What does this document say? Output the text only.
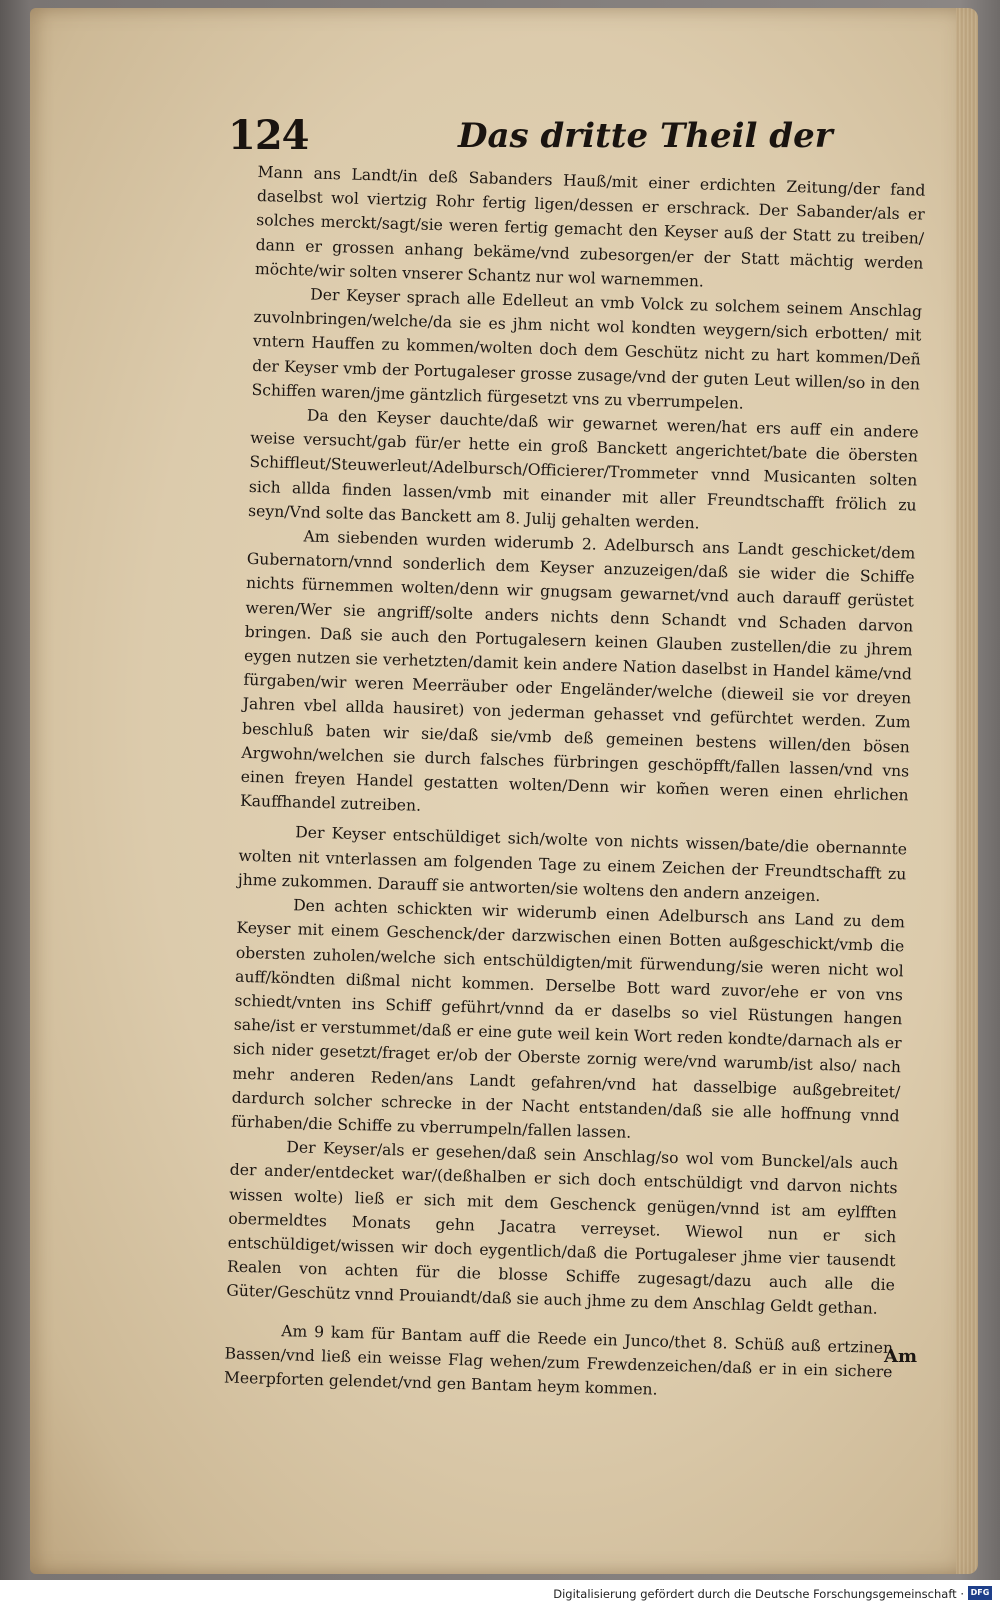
124	Das dritte Theil der

Mann ans Landt/in deß Sabanders Hauß/mit einer erdichten Zeitung/der fand daselbst wol viertzig Rohr fertig ligen/dessen er erschrack. Der Sabander/als er solches merckt/sagt/sie weren fertig gemacht den Keyser auß der Statt zu treiben/ dann er grossen anhang bekäme/vnd zubesorgen/er der Statt mächtig werden möchte/wir solten vnserer Schantz nur wol warnemmen.

Der Keyser sprach alle Edelleut an vmb Volck zu solchem seinem Anschlag zuvolnbringen/welche/da sie es jhm nicht wol kondten weygern/sich erbotten/ mit vntern Hauffen zu kommen/wolten doch dem Geschütz nicht zu hart kommen/Deñ der Keyser vmb der Portugaleser grosse zusage/vnd der guten Leut willen/so in den Schiffen waren/jme gäntzlich fürgesetzt vns zu vberrumpelen.

Da den Keyser dauchte/daß wir gewarnet weren/hat ers auff ein andere weise versucht/gab für/er hette ein groß Banckett angerichtet/bate die öbersten Schiffleut/Steuwerleut/Adelbursch/Officierer/Trommeter vnnd Musicanten solten sich allda finden lassen/vmb mit einander mit aller Freundtschafft frölich zu seyn/Vnd solte das Banckett am 8. Julij gehalten werden.

Am siebenden wurden widerumb 2. Adelbursch ans Landt geschicket/dem Gubernatorn/vnnd sonderlich dem Keyser anzuzeigen/daß sie wider die Schiffe nichts fürnemmen wolten/denn wir gnugsam gewarnet/vnd auch darauff gerüstet weren/Wer sie angriff/solte anders nichts denn Schandt vnd Schaden darvon bringen. Daß sie auch den Portugalesern keinen Glauben zustellen/die zu jhrem eygen nutzen sie verhetzten/damit kein andere Nation daselbst in Handel käme/vnd fürgaben/wir weren Meerräuber oder Engeländer/welche (dieweil sie vor dreyen Jahren vbel allda hausiret) von jederman gehasset vnd gefürchtet werden. Zum beschluß baten wir sie/daß sie/vmb deß gemeinen bestens willen/den bösen Argwohn/welchen sie durch falsches fürbringen geschöpfft/fallen lassen/vnd vns einen freyen Handel gestatten wolten/Denn wir kom̃en weren einen ehrlichen Kauffhandel zutreiben.

Der Keyser entschüldiget sich/wolte von nichts wissen/bate/die obernannte wolten nit vnterlassen am folgenden Tage zu einem Zeichen der Freundtschafft zu jhme zukommen. Darauff sie antworten/sie woltens den andern anzeigen.

Den achten schickten wir widerumb einen Adelbursch ans Land zu dem Keyser mit einem Geschenck/der darzwischen einen Botten außgeschickt/vmb die obersten zuholen/welche sich entschüldigten/mit fürwendung/sie weren nicht wol auff/köndten dißmal nicht kommen. Derselbe Bott ward zuvor/ehe er von vns schiedt/vnten ins Schiff geführt/vnnd da er daselbs so viel Rüstungen hangen sahe/ist er verstummet/daß er eine gute weil kein Wort reden kondte/darnach als er sich nider gesetzt/fraget er/ob der Oberste zornig were/vnd warumb/ist also/ nach mehr anderen Reden/ans Landt gefahren/vnd hat dasselbige außgebreitet/ dardurch solcher schrecke in der Nacht entstanden/daß sie alle hoffnung vnnd fürhaben/die Schiffe zu vberrumpeln/fallen lassen.

Der Keyser/als er gesehen/daß sein Anschlag/so wol vom Bunckel/als auch der ander/entdecket war/(deßhalben er sich doch entschüldigt vnd darvon nichts wissen wolte) ließ er sich mit dem Geschenck genügen/vnnd ist am eylfften obermeldtes Monats gehn Jacatra verreyset. Wiewol nun er sich entschüldiget/wissen wir doch eygentlich/daß die Portugaleser jhme vier tausendt Realen von achten für die blosse Schiffe zugesagt/dazu auch alle die Güter/Geschütz vnnd Prouiandt/daß sie auch jhme zu dem Anschlag Geldt gethan.

Am 9 kam für Bantam auff die Reede ein Junco/thet 8. Schüß auß ertzinen Bassen/vnd ließ ein weisse Flag wehen/zum Frewdenzeichen/daß er in ein sichere Meerpforten gelendet/vnd gen Bantam heym kommen.

Am
Digitalisierung gefördert durch die Deutsche Forschungsgemeinschaft · DFG
